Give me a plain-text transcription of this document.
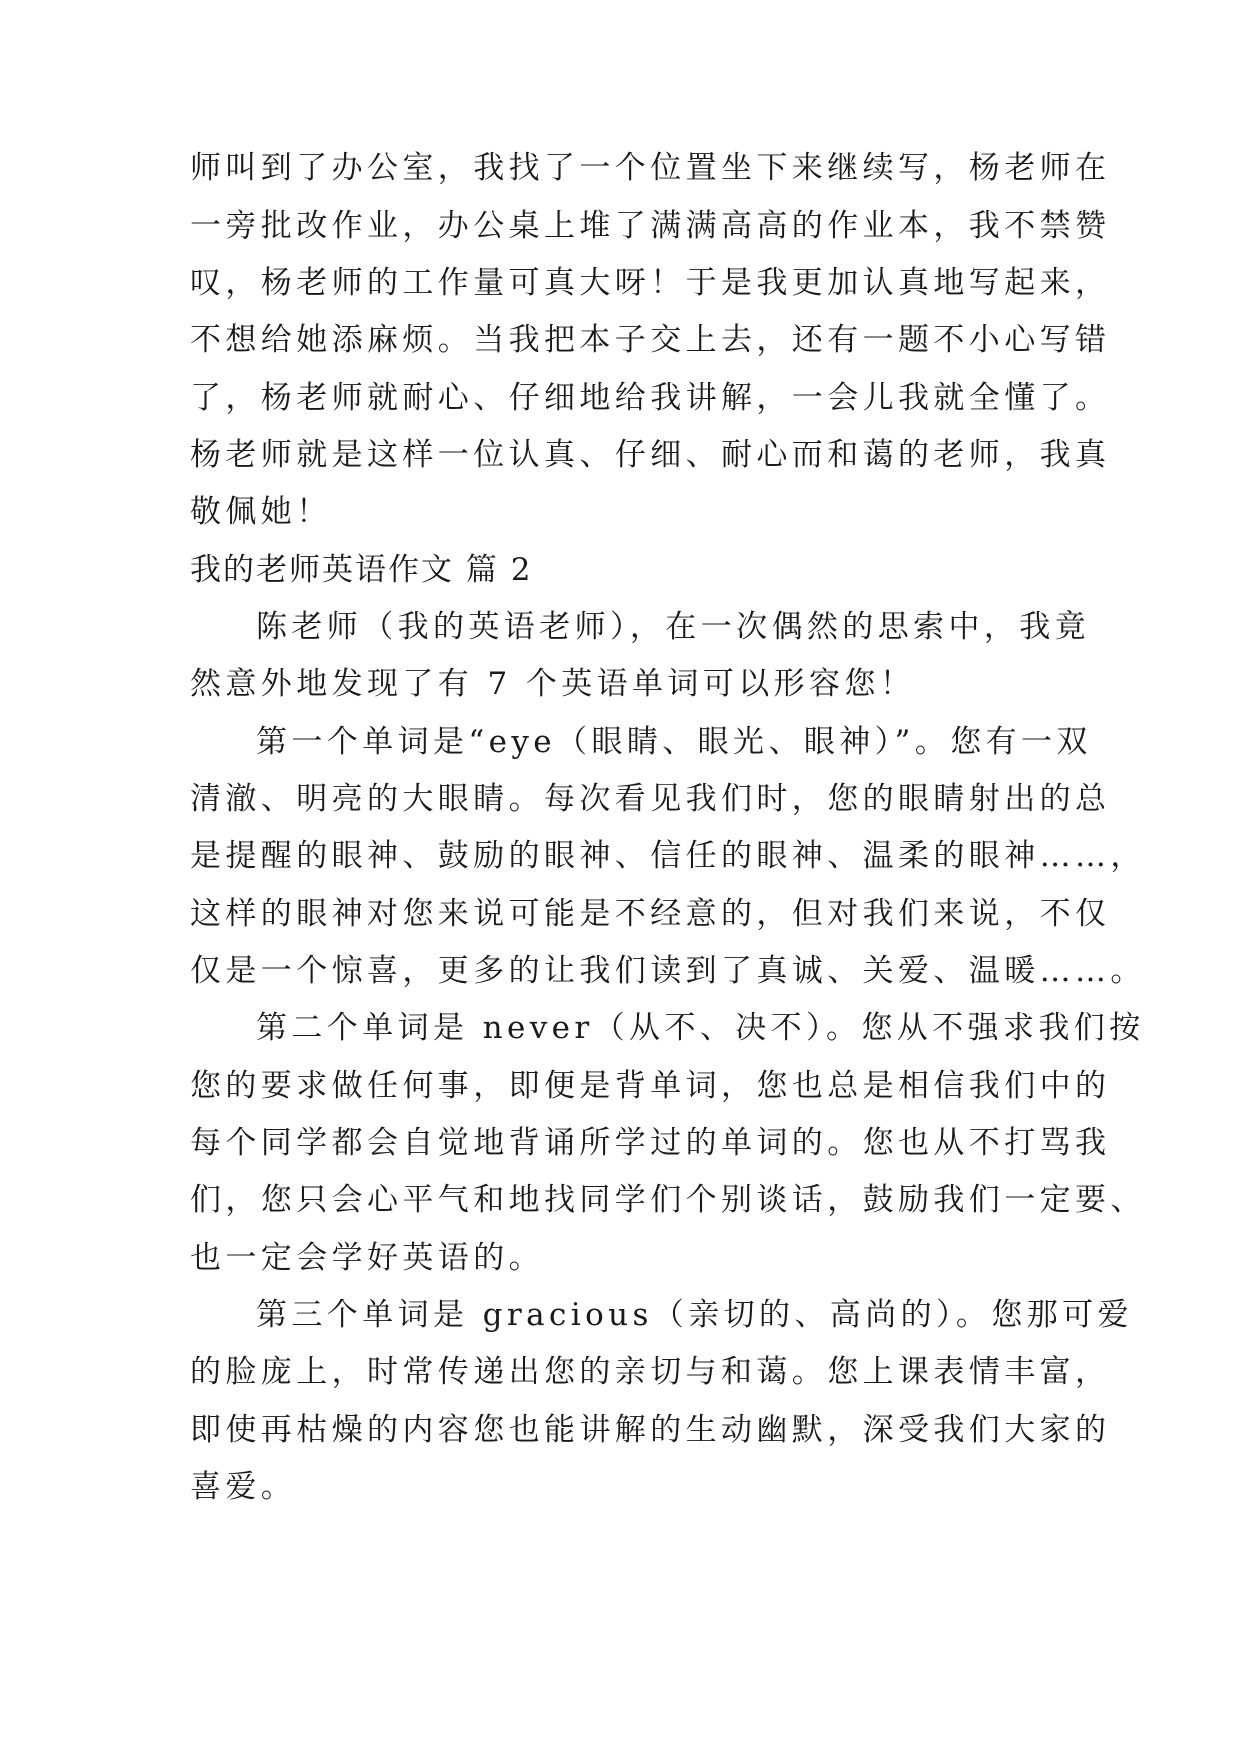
师叫到了办公室，我找了一个位置坐下来继续写，杨老师在
一旁批改作业，办公桌上堆了满满高高的作业本，我不禁赞
叹，杨老师的工作量可真大呀！于是我更加认真地写起来，
不想给她添麻烦。当我把本子交上去，还有一题不小心写错
了，杨老师就耐心、仔细地给我讲解，一会儿我就全懂了。
杨老师就是这样一位认真、仔细、耐心而和蔼的老师，我真
敬佩她！
我的老师英语作文 篇 2
陈老师（我的英语老师），在一次偶然的思索中，我竟
然意外地发现了有 7 个英语单词可以形容您！
第一个单词是“eye（眼睛、眼光、眼神）”。您有一双
清澈、明亮的大眼睛。每次看见我们时，您的眼睛射出的总
是提醒的眼神、鼓励的眼神、信任的眼神、温柔的眼神……，
这样的眼神对您来说可能是不经意的，但对我们来说，不仅
仅是一个惊喜，更多的让我们读到了真诚、关爱、温暖……。
第二个单词是 never（从不、决不）。您从不强求我们按
您的要求做任何事，即便是背单词，您也总是相信我们中的
每个同学都会自觉地背诵所学过的单词的。您也从不打骂我
们，您只会心平气和地找同学们个别谈话，鼓励我们一定要、
也一定会学好英语的。
第三个单词是 gracious（亲切的、高尚的）。您那可爱
的脸庞上，时常传递出您的亲切与和蔼。您上课表情丰富，
即使再枯燥的内容您也能讲解的生动幽默，深受我们大家的
喜爱。
